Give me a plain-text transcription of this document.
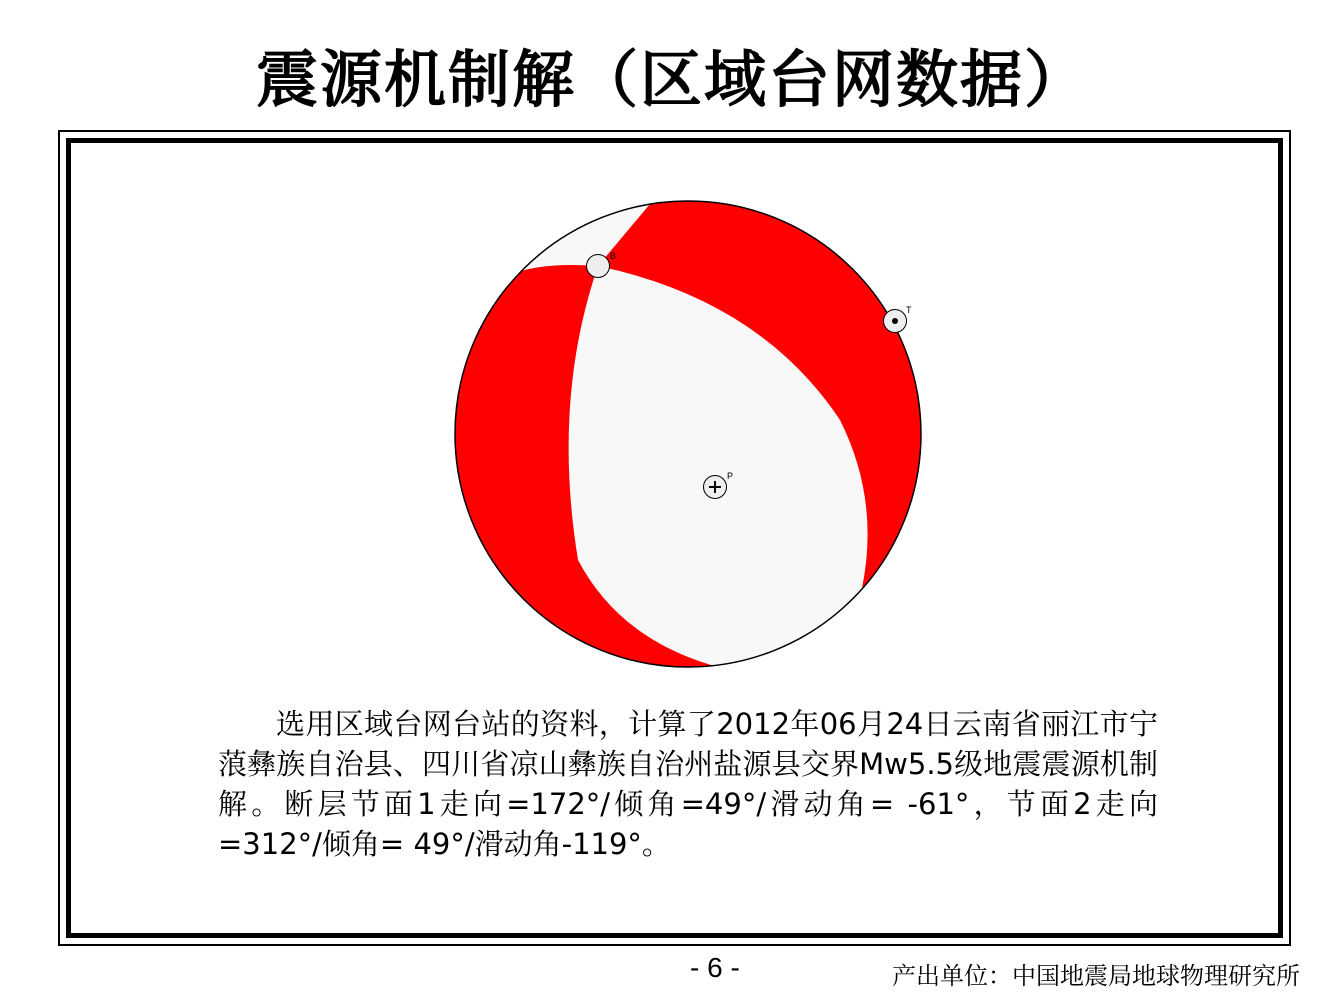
震源机制解（区域台网数据）
B
T
P

选用区域台网台站的资料，计算了2012年06月24日云南省丽江市宁蒗彝族自治县、四川省凉山彝族自治州盐源县交界Mw5.5级地震震源机制解。断层节面1走向=172°/倾角=49°/滑动角= -61°，节面2走向=312°/倾角= 49°/滑动角-119°。

- 6 -	产出单位：中国地震局地球物理研究所
